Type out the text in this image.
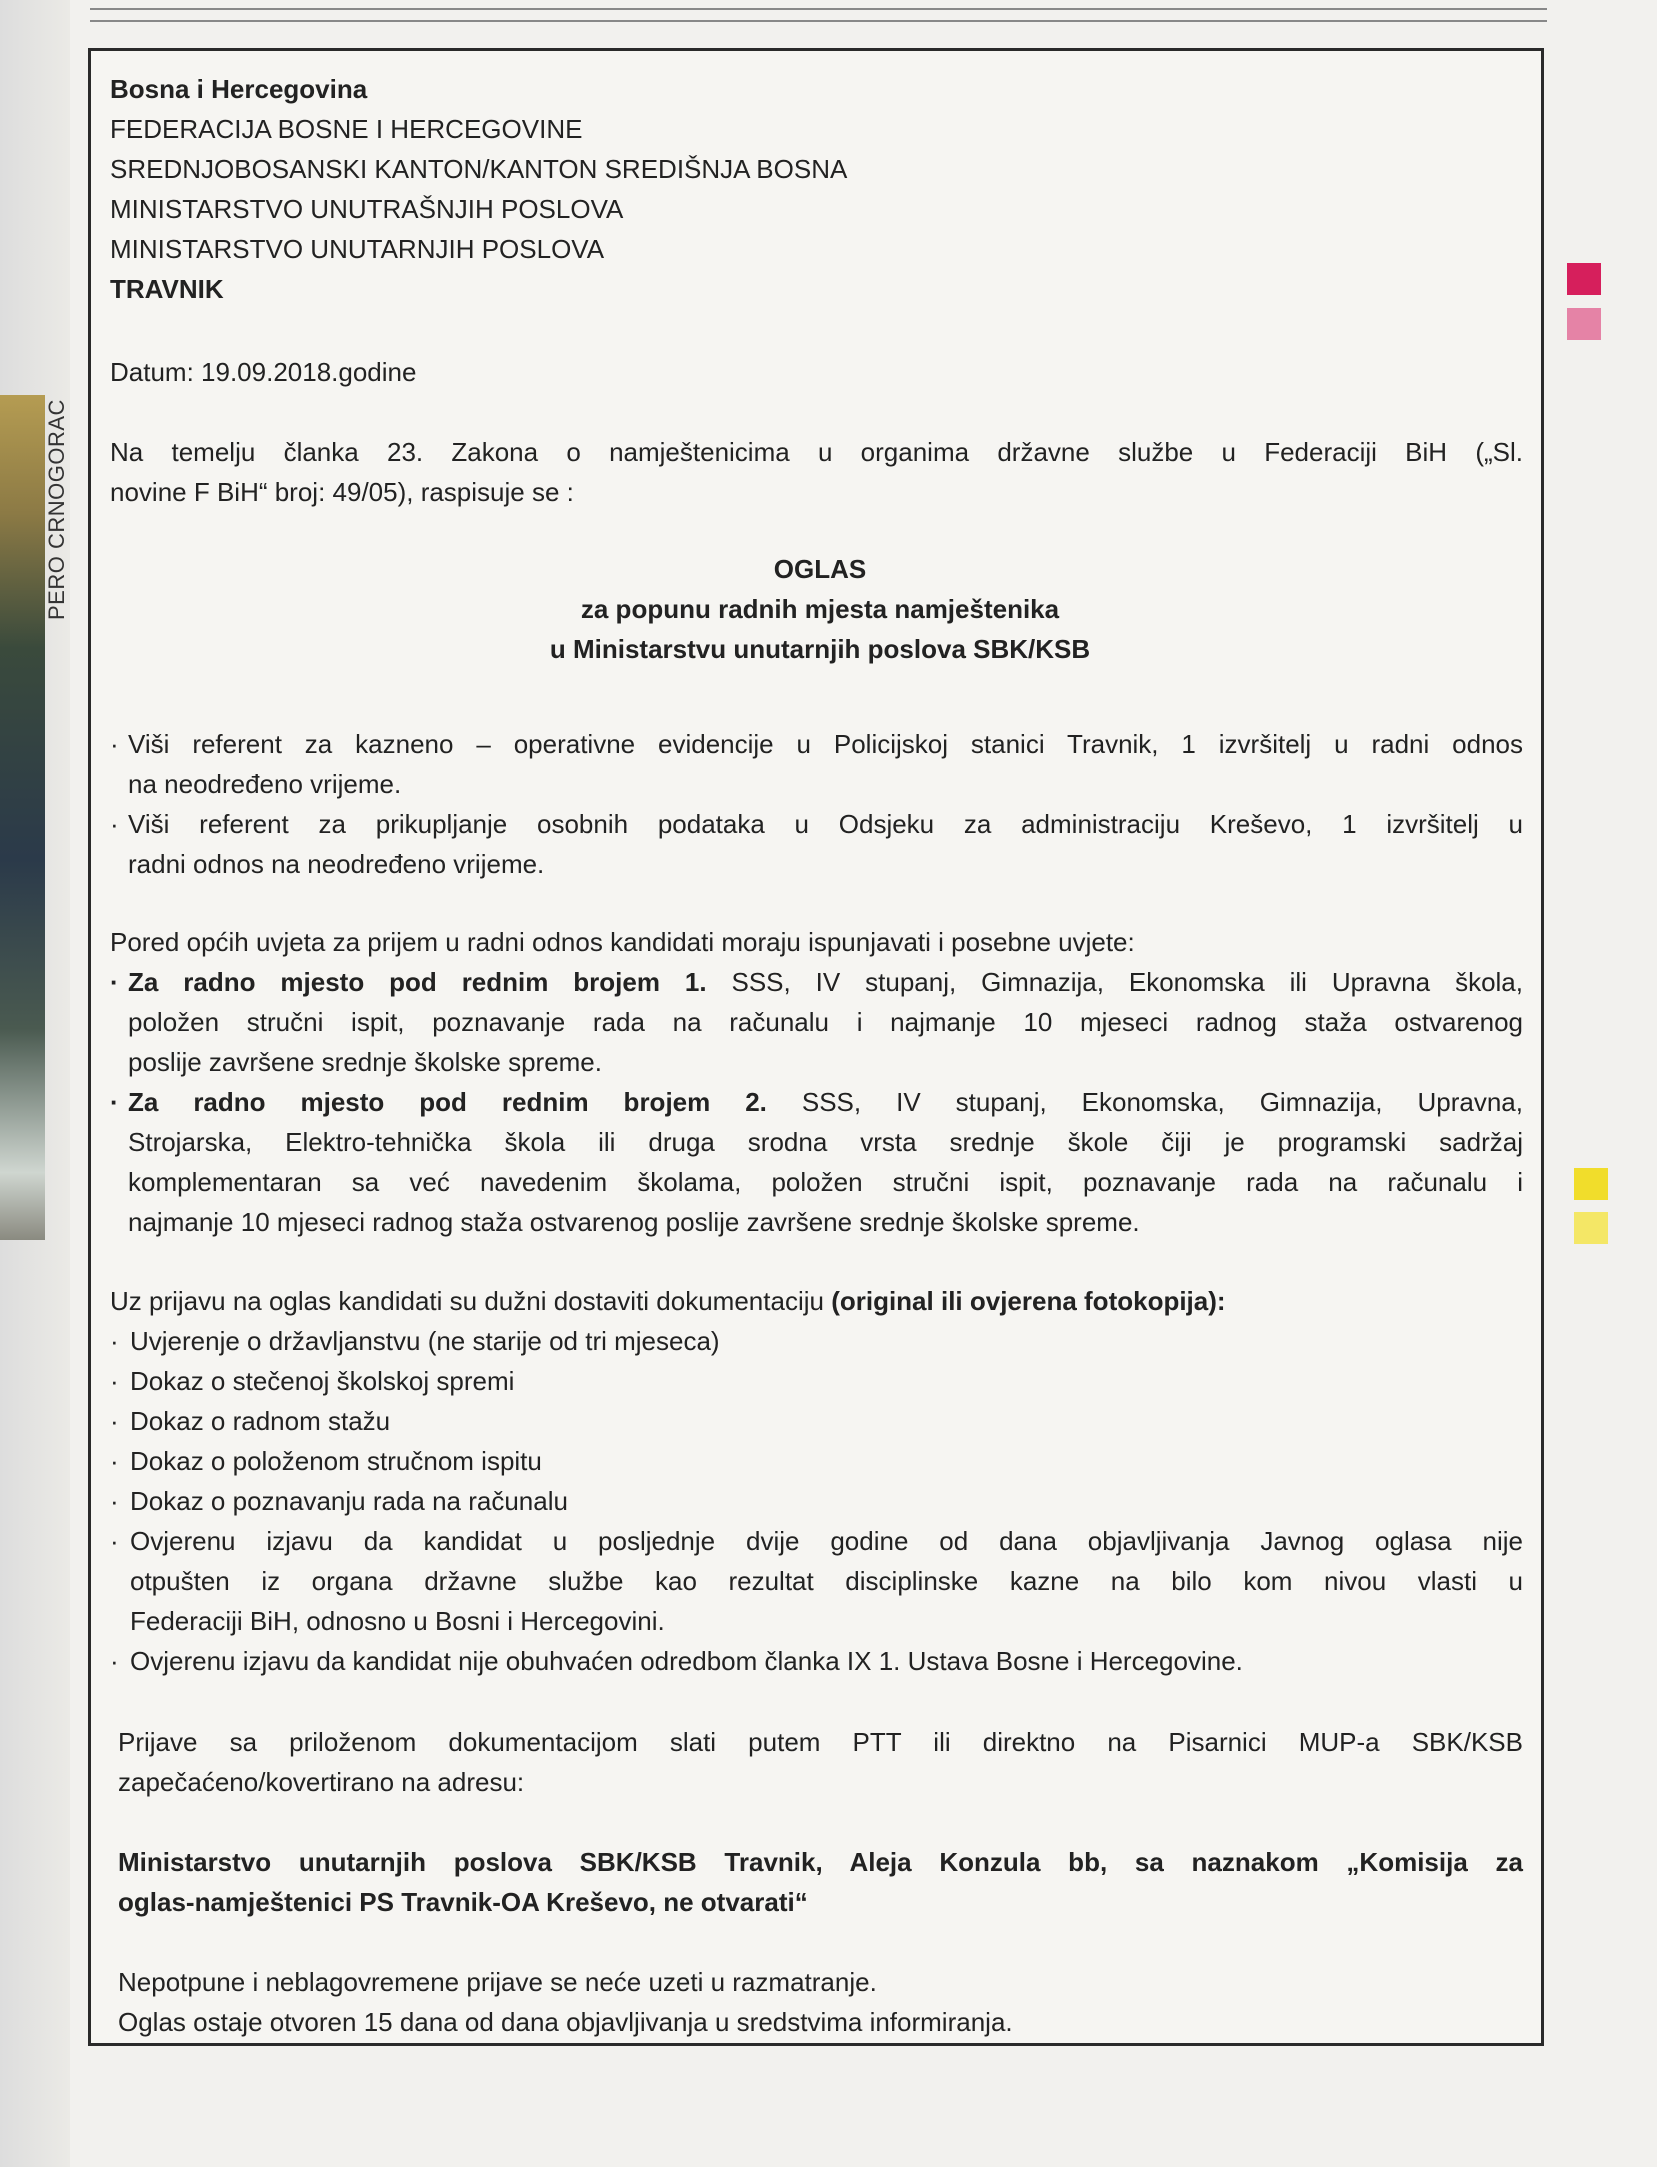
PERO CRNOGORAC
Bosna i Hercegovina
FEDERACIJA BOSNE I HERCEGOVINE
SREDNJOBOSANSKI KANTON/KANTON SREDIŠNJA BOSNA
MINISTARSTVO UNUTRAŠNJIH POSLOVA
MINISTARSTVO UNUTARNJIH POSLOVA
TRAVNIK
Datum: 19.09.2018.godine
Na temelju članka 23. Zakona o namještenicima u organima državne službe u Federaciji BiH („Sl.
novine F BiH“ broj: 49/05), raspisuje se :
OGLAS
za popunu radnih mjesta namještenika
u Ministarstvu unutarnjih poslova SBK/KSB
· Viši referent za kazneno – operativne evidencije u Policijskoj stanici Travnik, 1 izvršitelj u radni odnos
na neodređeno vrijeme.
· Viši referent za prikupljanje osobnih podataka u Odsjeku za administraciju Kreševo, 1 izvršitelj u
radni odnos na neodređeno vrijeme.
Pored općih uvjeta za prijem u radni odnos kandidati moraju ispunjavati i posebne uvjete:
· Za radno mjesto pod rednim brojem 1. SSS, IV stupanj, Gimnazija, Ekonomska ili Upravna škola,
položen stručni ispit, poznavanje rada na računalu i najmanje 10 mjeseci radnog staža ostvarenog
poslije završene srednje školske spreme.
· Za radno mjesto pod rednim brojem 2. SSS, IV stupanj, Ekonomska, Gimnazija, Upravna,
Strojarska, Elektro-tehnička škola ili druga srodna vrsta srednje škole čiji je programski sadržaj
komplementaran sa već navedenim školama, položen stručni ispit, poznavanje rada na računalu i
najmanje 10 mjeseci radnog staža ostvarenog poslije završene srednje školske spreme.
Uz prijavu na oglas kandidati su dužni dostaviti dokumentaciju (original ili ovjerena fotokopija):
· Uvjerenje o državljanstvu (ne starije od tri mjeseca)
· Dokaz o stečenoj školskoj spremi
· Dokaz o radnom stažu
· Dokaz o položenom stručnom ispitu
· Dokaz o poznavanju rada na računalu
· Ovjerenu izjavu da kandidat u posljednje dvije godine od dana objavljivanja Javnog oglasa nije
otpušten iz organa državne službe kao rezultat disciplinske kazne na bilo kom nivou vlasti u
Federaciji BiH, odnosno u Bosni i Hercegovini.
· Ovjerenu izjavu da kandidat nije obuhvaćen odredbom članka IX 1. Ustava Bosne i Hercegovine.
Prijave sa priloženom dokumentacijom slati putem PTT ili direktno na Pisarnici MUP-a SBK/KSB
zapečaćeno/kovertirano na adresu:
Ministarstvo unutarnjih poslova SBK/KSB Travnik, Aleja Konzula bb, sa naznakom „Komisija za
oglas-namještenici PS Travnik-OA Kreševo, ne otvarati“
Nepotpune i neblagovremene prijave se neće uzeti u razmatranje.
Oglas ostaje otvoren 15 dana od dana objavljivanja u sredstvima informiranja.
